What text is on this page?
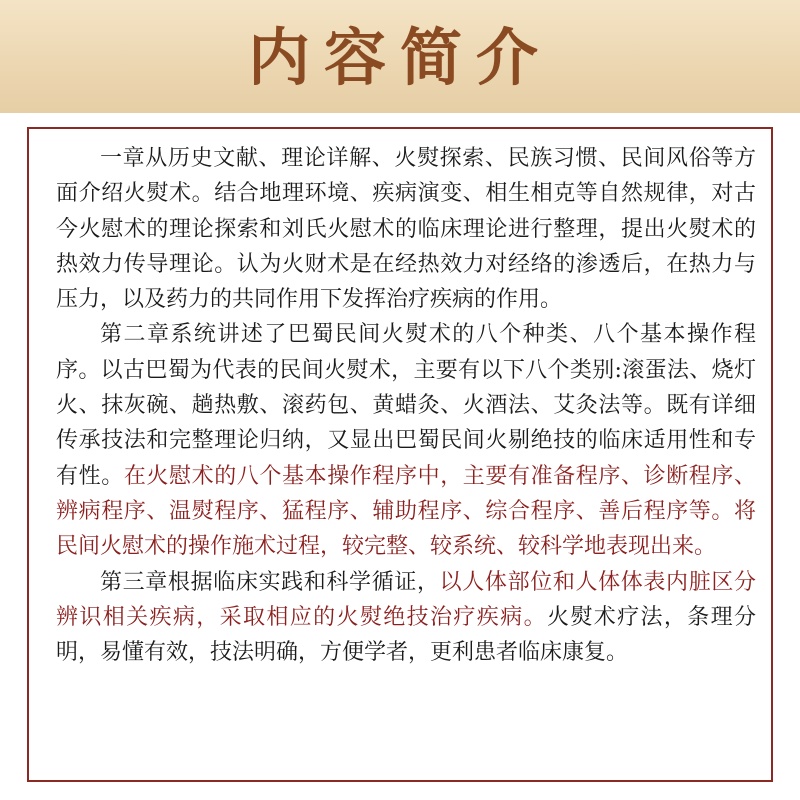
内容简介

一章从历史文献、理论详解、火熨探索、民族习惯、民间风俗等方面介绍火熨术。结合地理环境、疾病演变、相生相克等自然规律，对古今火慰术的理论探索和刘氏火慰术的临床理论进行整理，提出火熨术的热效力传导理论。认为火财术是在经热效力对经络的渗透后，在热力与压力，以及药力的共同作用下发挥治疗疾病的作用。

第二章系统讲述了巴蜀民间火熨术的八个种类、八个基本操作程序。以古巴蜀为代表的民间火熨术，主要有以下八个类别:滚蛋法、烧灯火、抹灰碗、趟热敷、滚药包、黄蜡灸、火酒法、艾灸法等。既有详细传承技法和完整理论归纳，又显出巴蜀民间火剔绝技的临床适用性和专有性。在火慰术的八个基本操作程序中，主要有准备程序、诊断程序、辨病程序、温熨程序、猛程序、辅助程序、综合程序、善后程序等。将民间火慰术的操作施术过程，较完整、较系统、较科学地表现出来。

第三章根据临床实践和科学循证，以人体部位和人体体表内脏区分辨识相关疾病，采取相应的火熨绝技治疗疾病。火熨术疗法，条理分明，易懂有效，技法明确，方便学者，更利患者临床康复。
